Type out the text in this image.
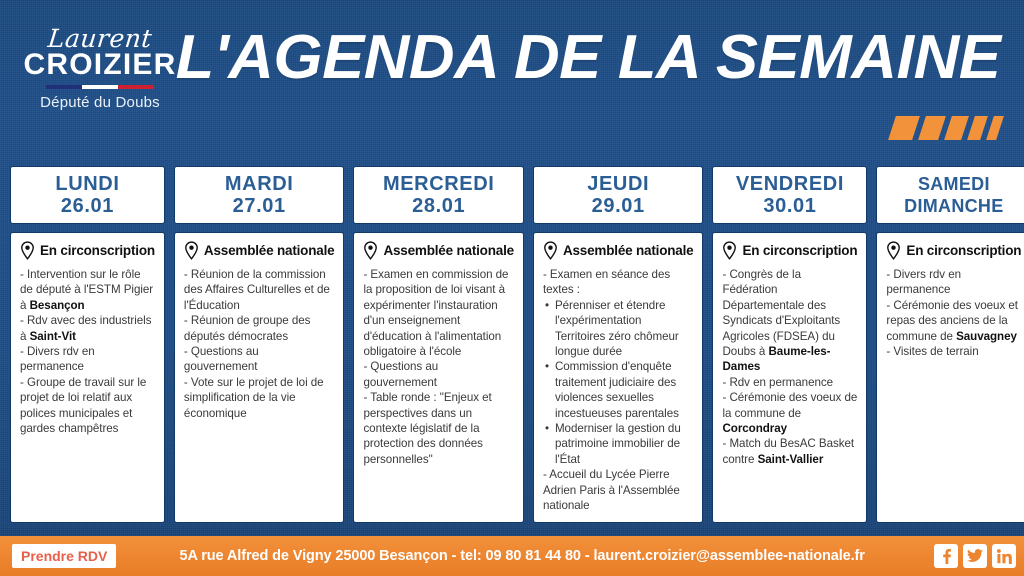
Laurent
CROIZIER
Député du Doubs
L'AGENDA DE LA SEMAINE
LUNDI
26.01
En circonscription
- Intervention sur le rôle de député à l'ESTM Pigier à Besançon
- Rdv avec des industriels à Saint-Vit
- Divers rdv en permanence
- Groupe de travail sur le projet de loi relatif aux polices municipales et gardes champêtres
MARDI
27.01
Assemblée nationale
- Réunion de la commission des Affaires Culturelles et de l'Éducation
- Réunion de groupe des députés démocrates
- Questions au gouvernement
- Vote sur le projet de loi de simplification de la vie économique
MERCREDI
28.01
Assemblée nationale
- Examen en commission de la proposition de loi visant à expérimenter l'instauration d'un enseignement d'éducation à l'alimentation obligatoire à l'école
- Questions au gouvernement
- Table ronde : "Enjeux et perspectives dans un contexte législatif de la protection des données personnelles"
JEUDI
29.01
Assemblée nationale
- Examen en séance des textes :
• Pérenniser et étendre l'expérimentation Territoires zéro chômeur longue durée
• Commission d'enquête traitement judiciaire des violences sexuelles incestueuses parentales
• Moderniser la gestion du patrimoine immobilier de l'État
- Accueil du Lycée Pierre Adrien Paris à l'Assemblée nationale
VENDREDI
30.01
En circonscription
- Congrès de la Fédération Départementale des Syndicats d'Exploitants Agricoles (FDSEA) du Doubs à Baume-les-Dames
- Rdv en permanence
- Cérémonie des voeux de la commune de Corcondray
- Match du BesAC Basket contre Saint-Vallier
SAMEDI
DIMANCHE
En circonscription
- Divers rdv en permanence
- Cérémonie des voeux et repas des anciens de la commune de Sauvagney
- Visites de terrain
Prendre RDV	5A rue Alfred de Vigny 25000 Besançon - tel: 09 80 81 44 80 - laurent.croizier@assemblee-nationale.fr
